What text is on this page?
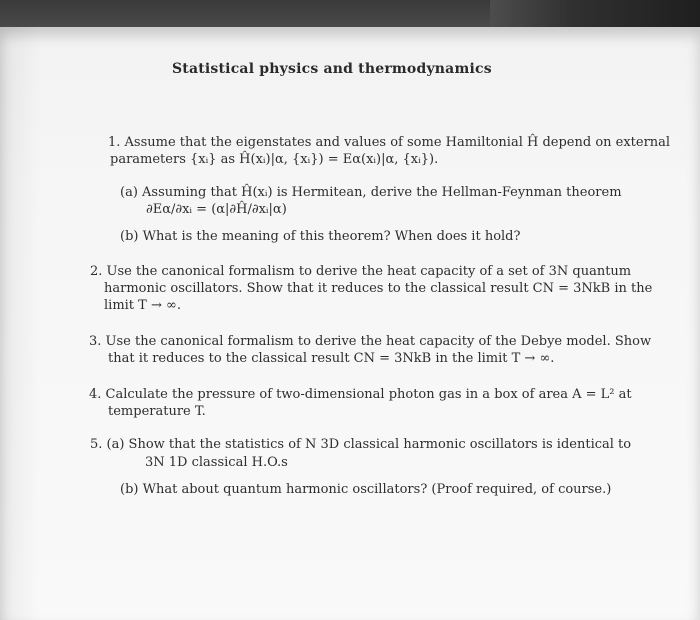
Statistical physics and thermodynamics
1. Assume that the eigenstates and values of some Hamiltonial Ĥ depend on external
parameters {xᵢ} as Ĥ(xᵢ)|α, {xᵢ}) = Eα(xᵢ)|α, {xᵢ}).
(a) Assuming that Ĥ(xᵢ) is Hermitean, derive the Hellman-Feynman theorem
∂Eα/∂xᵢ = (α|∂Ĥ/∂xᵢ|α)
(b) What is the meaning of this theorem? When does it hold?
2. Use the canonical formalism to derive the heat capacity of a set of 3N quantum
harmonic oscillators. Show that it reduces to the classical result CN = 3NkB in the
limit T → ∞.
3. Use the canonical formalism to derive the heat capacity of the Debye model. Show
that it reduces to the classical result CN = 3NkB in the limit T → ∞.
4. Calculate the pressure of two-dimensional photon gas in a box of area A = L² at
temperature T.
5. (a) Show that the statistics of N 3D classical harmonic oscillators is identical to
3N 1D classical H.O.s
(b) What about quantum harmonic oscillators? (Proof required, of course.)
